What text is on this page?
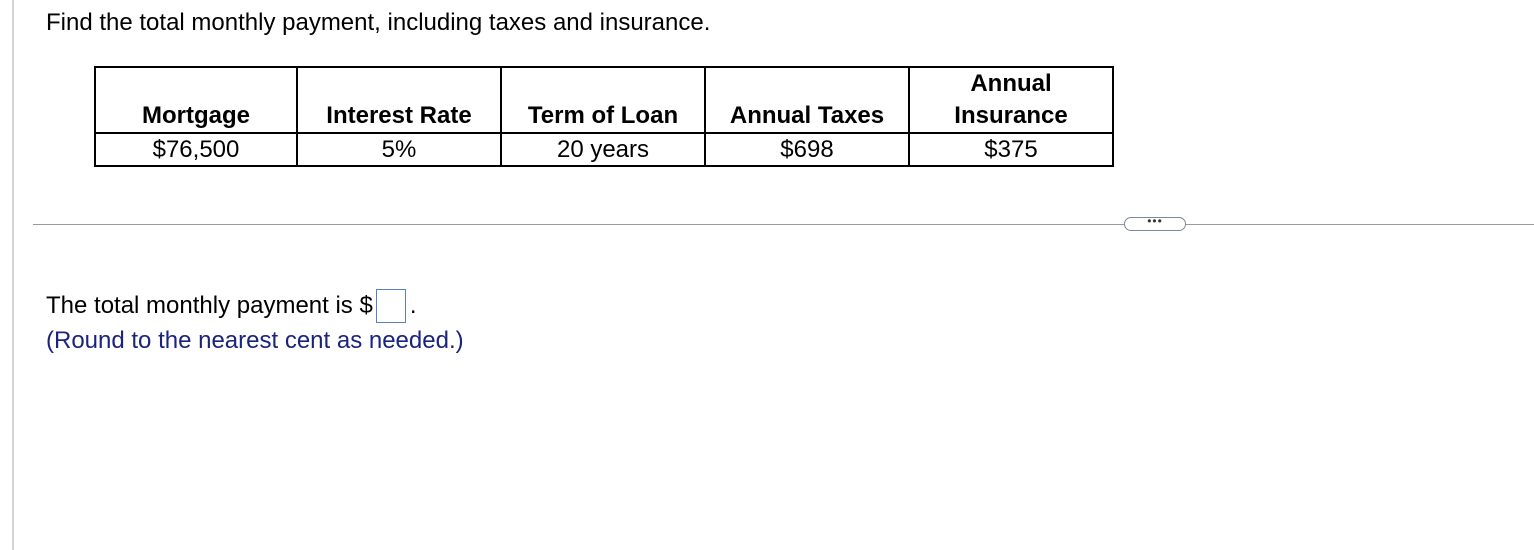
Find the total monthly payment, including taxes and insurance.
Mortgage	Interest Rate	Term of Loan	Annual Taxes	Annual
Insurance
$76,500	5%	20 years	$698	$375
•••
The total monthly payment is $ .
(Round to the nearest cent as needed.)
